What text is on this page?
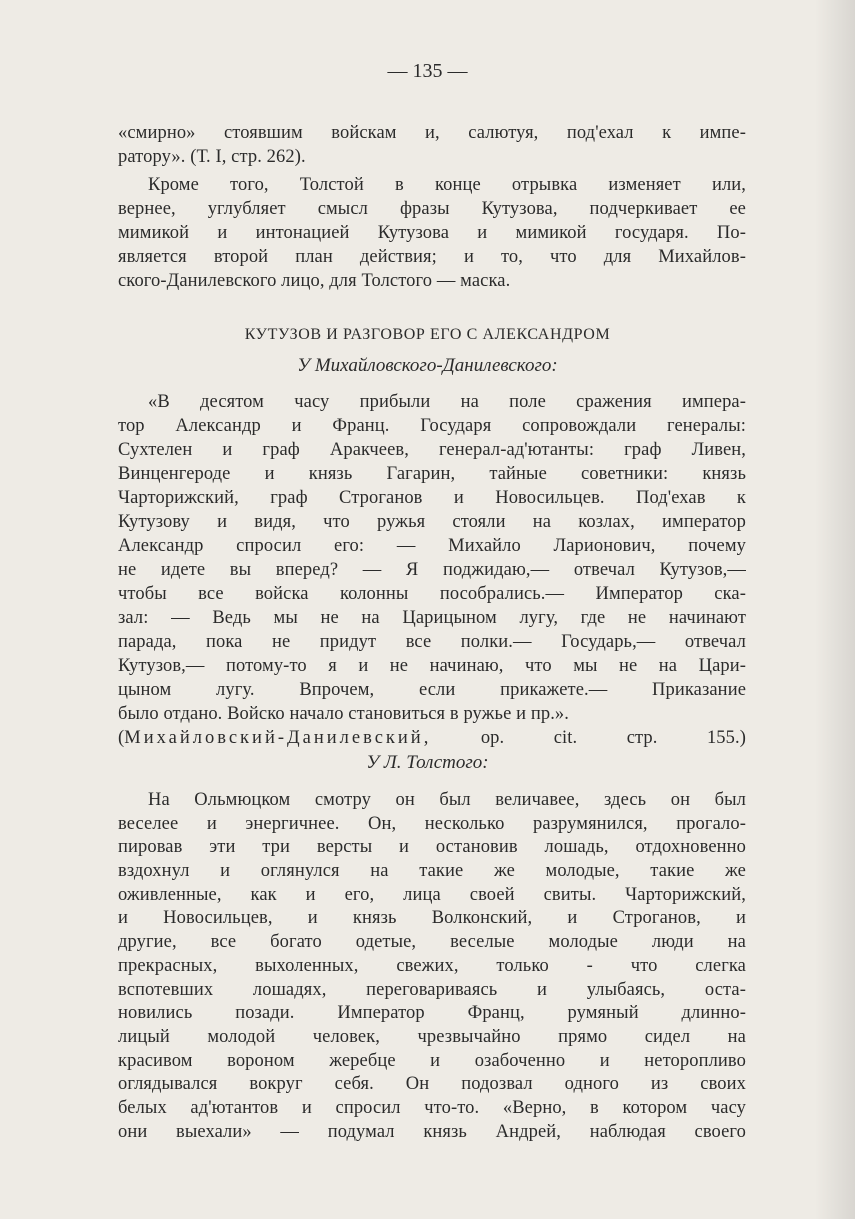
— 135 —
«смирно» стоявшим войскам и, салютуя, под'ехал к импе-
ратору». (Т. I, стр. 262).
Кроме того, Толстой в конце отрывка изменяет или,
вернее, углубляет смысл фразы Кутузова, подчеркивает ее
мимикой и интонацией Кутузова и мимикой государя. По-
является второй план действия; и то, что для Михайлов-
ского-Данилевского лицо, для Толстого — маска.
КУТУЗОВ И РАЗГОВОР ЕГО С АЛЕКСАНДРОМ
У Михайловского-Данилевского:
«В десятом часу прибыли на поле сражения импера-
тор Александр и Франц. Государя сопровождали генералы:
Сухтелен и граф Аракчеев, генерал-ад'ютанты: граф Ливен,
Винценгероде и князь Гагарин, тайные советники: князь
Чарторижский, граф Строганов и Новосильцев. Под'ехав к
Кутузову и видя, что ружья стояли на козлах, император
Александр спросил его: — Михайло Ларионович, почему
не идете вы вперед? — Я поджидаю,— отвечал Кутузов,—
чтобы все войска колонны пособрались.— Император ска-
зал: — Ведь мы не на Царицыном лугу, где не начинают
парада, пока не придут все полки.— Государь,— отвечал
Кутузов,— потому-то я и не начинаю, что мы не на Цари-
цыном лугу. Впрочем, если прикажете.— Приказание
было отдано. Войско начало становиться в ружье и пр.».
(Михайловский-Данилевский,	op. cit. стр. 155.)
У Л. Толстого:
На Ольмюцком смотру он был величавее, здесь он был
веселее и энергичнее. Он, несколько разрумянился, прогало-
пировав эти три версты и остановив лошадь, отдохновенно
вздохнул и оглянулся на такие же молодые, такие же
оживленные, как и его, лица своей свиты. Чарторижский,
и Новосильцев, и князь Волконский, и Строганов, и
другие, все богато одетые, веселые молодые люди на
прекрасных, выхоленных, свежих, только - что слегка
вспотевших лошадях, переговариваясь и улыбаясь, оста-
новились позади. Император Франц, румяный длинно-
лицый молодой человек, чрезвычайно прямо сидел на
красивом вороном жеребце и озабоченно и неторопливо
оглядывался вокруг себя. Он подозвал одного из своих
белых ад'ютантов и спросил что-то. «Верно, в котором часу
они выехали» — подумал князь Андрей, наблюдая своего
